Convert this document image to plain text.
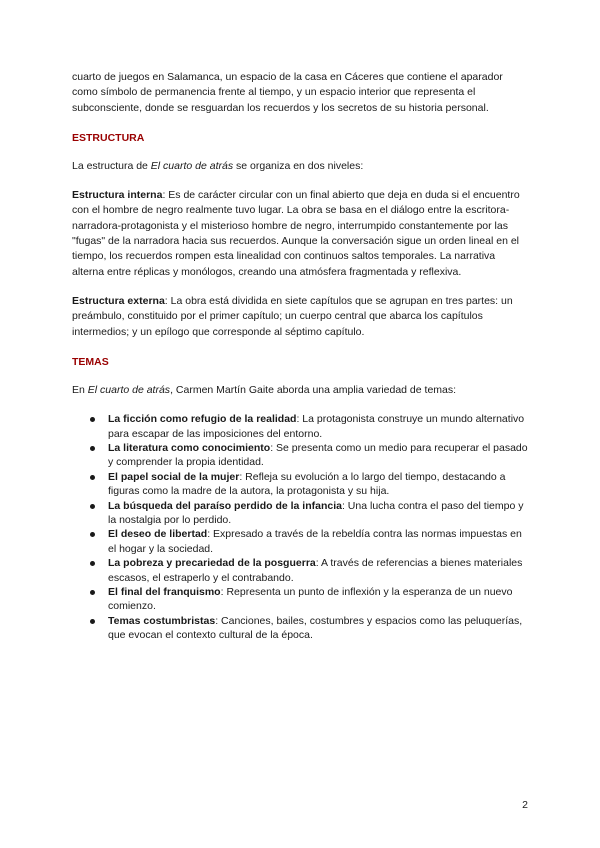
cuarto de juegos en Salamanca, un espacio de la casa en Cáceres que contiene el aparador como símbolo de permanencia frente al tiempo, y un espacio interior que representa el subconsciente, donde se resguardan los recuerdos y los secretos de su historia personal.

ESTRUCTURA

La estructura de El cuarto de atrás se organiza en dos niveles:

Estructura interna: Es de carácter circular con un final abierto que deja en duda si el encuentro con el hombre de negro realmente tuvo lugar. La obra se basa en el diálogo entre la escritora-narradora-protagonista y el misterioso hombre de negro, interrumpido constantemente por las "fugas" de la narradora hacia sus recuerdos. Aunque la conversación sigue un orden lineal en el tiempo, los recuerdos rompen esta linealidad con continuos saltos temporales. La narrativa alterna entre réplicas y monólogos, creando una atmósfera fragmentada y reflexiva.

Estructura externa: La obra está dividida en siete capítulos que se agrupan en tres partes: un preámbulo, constituido por el primer capítulo; un cuerpo central que abarca los capítulos intermedios; y un epílogo que corresponde al séptimo capítulo.

TEMAS

En El cuarto de atrás, Carmen Martín Gaite aborda una amplia variedad de temas:

La ficción como refugio de la realidad: La protagonista construye un mundo alternativo para escapar de las imposiciones del entorno.
La literatura como conocimiento: Se presenta como un medio para recuperar el pasado y comprender la propia identidad.
El papel social de la mujer: Refleja su evolución a lo largo del tiempo, destacando a figuras como la madre de la autora, la protagonista y su hija.
La búsqueda del paraíso perdido de la infancia: Una lucha contra el paso del tiempo y la nostalgia por lo perdido.
El deseo de libertad: Expresado a través de la rebeldía contra las normas impuestas en el hogar y la sociedad.
La pobreza y precariedad de la posguerra: A través de referencias a bienes materiales escasos, el estraperlo y el contrabando.
El final del franquismo: Representa un punto de inflexión y la esperanza de un nuevo comienzo.
Temas costumbristas: Canciones, bailes, costumbres y espacios como las peluquerías, que evocan el contexto cultural de la época.
2
